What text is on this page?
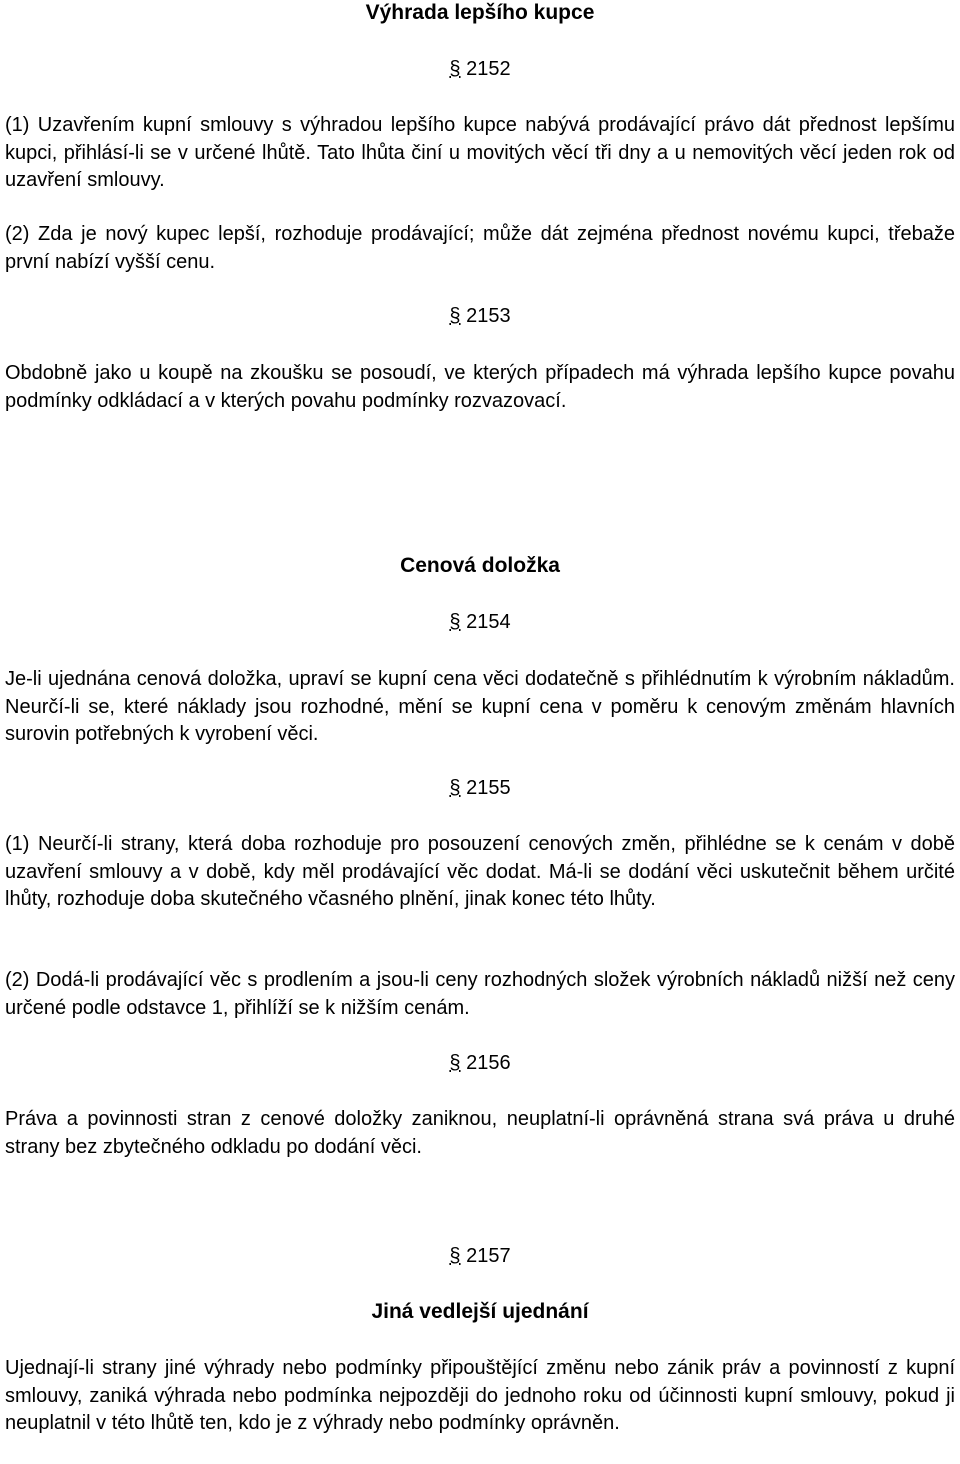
Výhrada lepšího kupce
§ 2152

(1) Uzavřením kupní smlouvy s výhradou lepšího kupce nabývá prodávající právo dát přednost lepšímu kupci, přihlásí-li se v určené lhůtě. Tato lhůta činí u movitých věcí tři dny a u nemovitých věcí jeden rok od uzavření smlouvy.

(2) Zda je nový kupec lepší, rozhoduje prodávající; může dát zejména přednost novému kupci, třebaže první nabízí vyšší cenu.

§ 2153

Obdobně jako u koupě na zkoušku se posoudí, ve kterých případech má výhrada lepšího kupce povahu podmínky odkládací a v kterých povahu podmínky rozvazovací.

Cenová doložka
§ 2154

Je-li ujednána cenová doložka, upraví se kupní cena věci dodatečně s přihlédnutím k výrobním nákladům. Neurčí-li se, které náklady jsou rozhodné, mění se kupní cena v poměru k cenovým změnám hlavních surovin potřebných k vyrobení věci.

§ 2155

(1) Neurčí-li strany, která doba rozhoduje pro posouzení cenových změn, přihlédne se k cenám v době uzavření smlouvy a v době, kdy měl prodávající věc dodat. Má-li se dodání věci uskutečnit během určité lhůty, rozhoduje doba skutečného včasného plnění, jinak konec této lhůty.

(2) Dodá-li prodávající věc s prodlením a jsou-li ceny rozhodných složek výrobních nákladů nižší než ceny určené podle odstavce 1, přihlíží se k nižším cenám.

§ 2156

Práva a povinnosti stran z cenové doložky zaniknou, neuplatní-li oprávněná strana svá práva u druhé strany bez zbytečného odkladu po dodání věci.

§ 2157
Jiná vedlejší ujednání

Ujednají-li strany jiné výhrady nebo podmínky připouštějící změnu nebo zánik práv a povinností z kupní smlouvy, zaniká výhrada nebo podmínka nejpozději do jednoho roku od účinnosti kupní smlouvy, pokud ji neuplatnil v této lhůtě ten, kdo je z výhrady nebo podmínky oprávněn.
